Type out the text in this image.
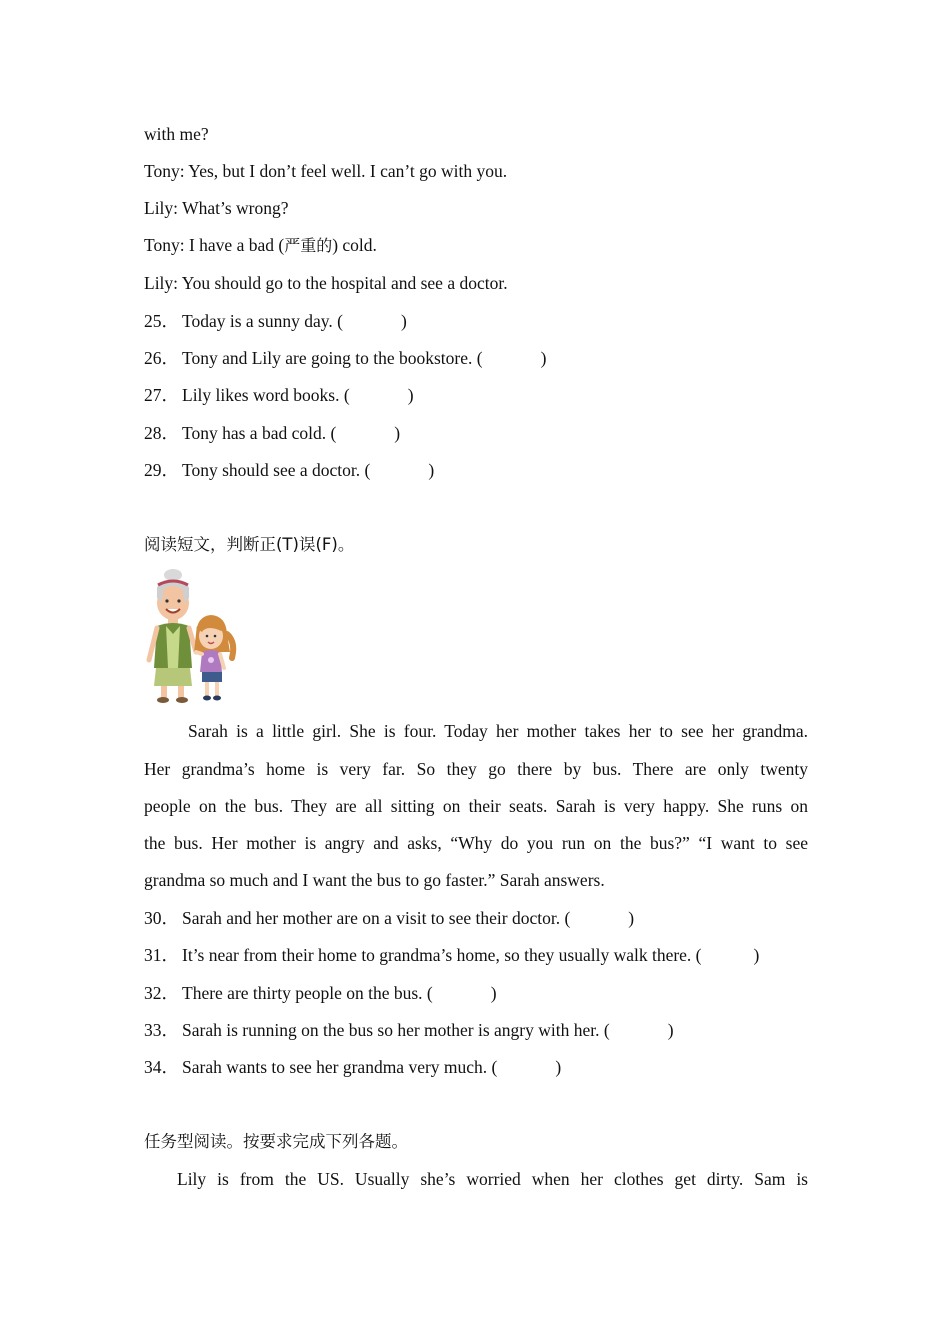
with me?
Tony: Yes, but I don’t feel well. I can’t go with you.
Lily: What’s wrong?
Tony: I have a bad (严重的) cold.
Lily: You should go to the hospital and see a doctor.
25． Today is a sunny day. (	)
26． Tony and Lily are going to the bookstore. (	)
27． Lily likes word books. (	)
28． Tony has a bad cold. (	)
29． Tony should see a doctor. (	)
阅读短文，判断正(T)误(F)。
Sarah is a little girl. She is four. Today her mother takes her to see her grandma.
Her grandma’s home is very far. So they go there by bus. There are only twenty
people on the bus. They are all sitting on their seats. Sarah is very happy. She runs on
the bus. Her mother is angry and asks, “Why do you run on the bus?” “I want to see
grandma so much and I want the bus to go faster.” Sarah answers.
30． Sarah and her mother are on a visit to see their doctor. (	)
31． It’s near from their home to grandma’s home, so they usually walk there. (	)
32． There are thirty people on the bus. (	)
33． Sarah is running on the bus so her mother is angry with her. (	)
34． Sarah wants to see her grandma very much. (	)
任务型阅读。按要求完成下列各题。
Lily is from the US. Usually she’s worried when her clothes get dirty. Sam is
